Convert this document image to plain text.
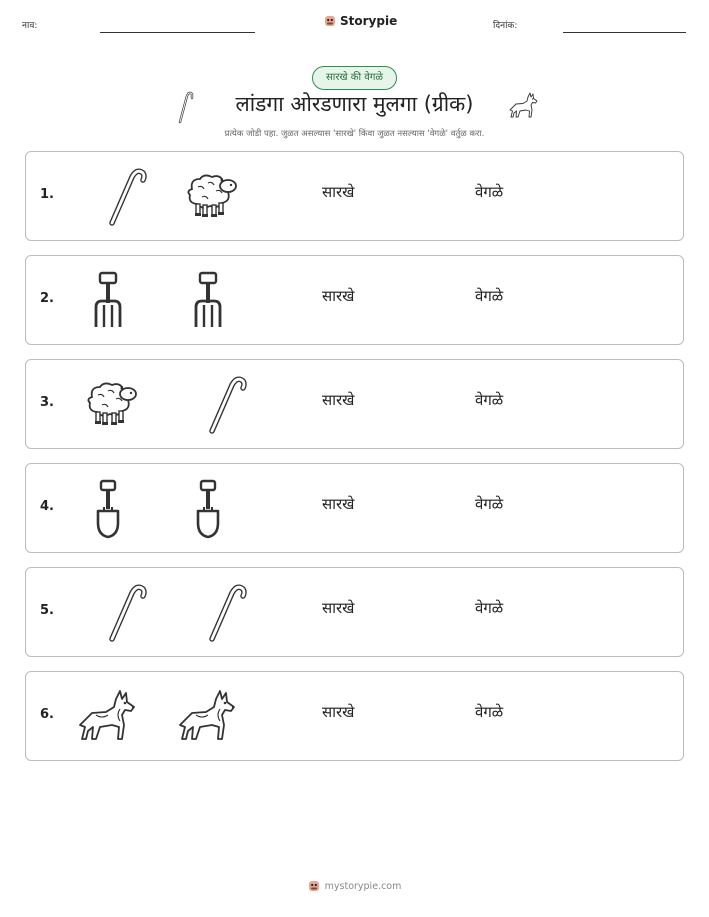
नाव:	Storypie	दिनांक:
सारखे की वेगळे
लांडगा ओरडणारा मुलगा (ग्रीक)
प्रत्येक जोडी पहा. जुळत असल्यास 'सारखे' किंवा जुळत नसल्यास 'वेगळे' वर्तुळ करा.
1.	सारखे	वेगळे
2.	सारखे	वेगळे
3.	सारखे	वेगळे
4.	सारखे	वेगळे
5.	सारखे	वेगळे
6.	सारखे	वेगळे
mystorypie.com
